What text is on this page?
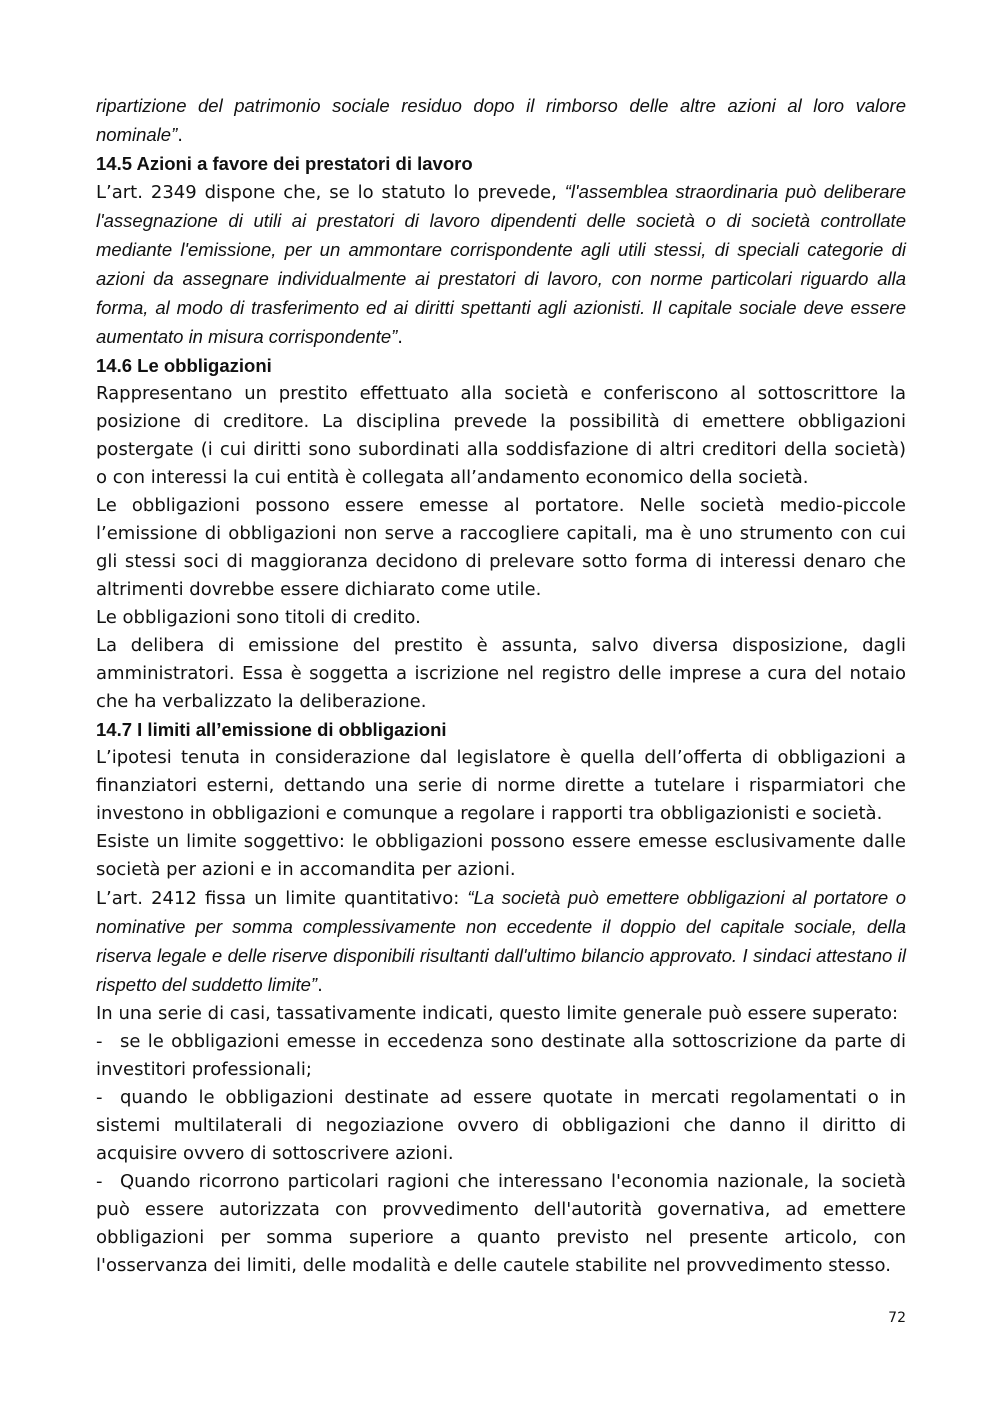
ripartizione del patrimonio sociale residuo dopo il rimborso delle altre azioni al loro valore nominale”.

14.5 Azioni a favore dei prestatori di lavoro

L’art. 2349 dispone che, se lo statuto lo prevede, “l'assemblea straordinaria può deliberare l'assegnazione di utili ai prestatori di lavoro dipendenti delle società o di società controllate mediante l'emissione, per un ammontare corrispondente agli utili stessi, di speciali categorie di azioni da assegnare individualmente ai prestatori di lavoro, con norme particolari riguardo alla forma, al modo di trasferimento ed ai diritti spettanti agli azionisti. Il capitale sociale deve essere aumentato in misura corrispondente”.

14.6 Le obbligazioni

Rappresentano un prestito effettuato alla società e conferiscono al sottoscrittore la posizione di creditore. La disciplina prevede la possibilità di emettere obbligazioni postergate (i cui diritti sono subordinati alla soddisfazione di altri creditori della società) o con interessi la cui entità è collegata all’andamento economico della società.

Le obbligazioni possono essere emesse al portatore. Nelle società medio-piccole l’emissione di obbligazioni non serve a raccogliere capitali, ma è uno strumento con cui gli stessi soci di maggioranza decidono di prelevare sotto forma di interessi denaro che altrimenti dovrebbe essere dichiarato come utile.

Le obbligazioni sono titoli di credito.

La delibera di emissione del prestito è assunta, salvo diversa disposizione, dagli amministratori. Essa è soggetta a iscrizione nel registro delle imprese a cura del notaio che ha verbalizzato la deliberazione.

14.7 I limiti all’emissione di obbligazioni

L’ipotesi tenuta in considerazione dal legislatore è quella dell’offerta di obbligazioni a finanziatori esterni, dettando una serie di norme dirette a tutelare i risparmiatori che investono in obbligazioni e comunque a regolare i rapporti tra obbligazionisti e società.

Esiste un limite soggettivo: le obbligazioni possono essere emesse esclusivamente dalle società per azioni e in accomandita per azioni.

L’art. 2412 fissa un limite quantitativo: “La società può emettere obbligazioni al portatore o nominative per somma complessivamente non eccedente il doppio del capitale sociale, della riserva legale e delle riserve disponibili risultanti dall'ultimo bilancio approvato. I sindaci attestano il rispetto del suddetto limite”.

In una serie di casi, tassativamente indicati, questo limite generale può essere superato:

- se le obbligazioni emesse in eccedenza sono destinate alla sottoscrizione da parte di investitori professionali;

- quando le obbligazioni destinate ad essere quotate in mercati regolamentati o in sistemi multilaterali di negoziazione ovvero di obbligazioni che danno il diritto di acquisire ovvero di sottoscrivere azioni.

- Quando ricorrono particolari ragioni che interessano l'economia nazionale, la società può essere autorizzata con provvedimento dell'autorità governativa, ad emettere obbligazioni per somma superiore a quanto previsto nel presente articolo, con l'osservanza dei limiti, delle modalità e delle cautele stabilite nel provvedimento stesso.

72
